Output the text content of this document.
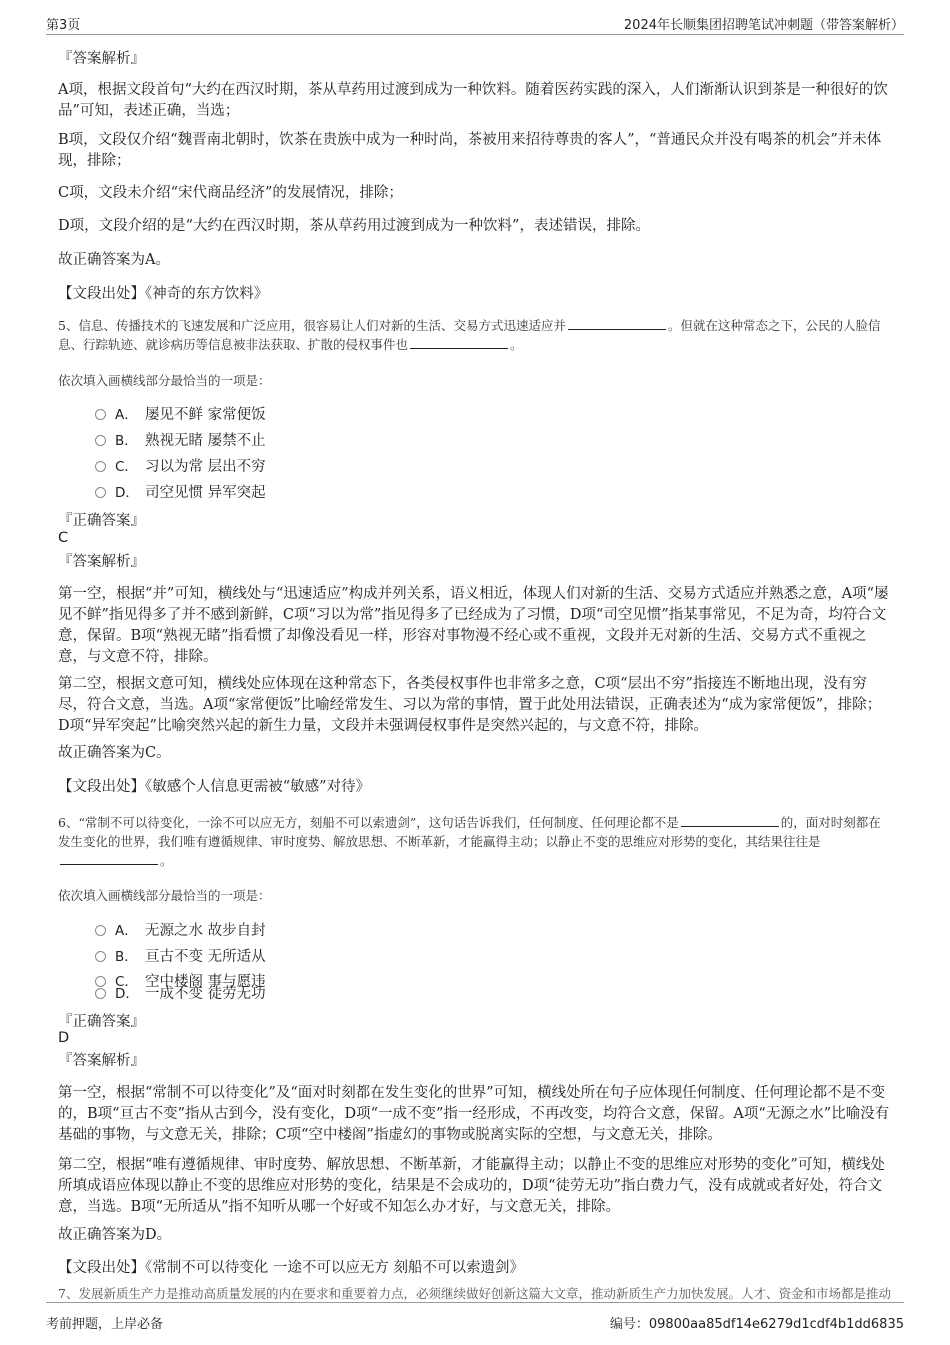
第3页	2024年长顺集团招聘笔试冲刺题（带答案解析）
『答案解析』
A项，根据文段首句“大约在西汉时期，茶从草药用过渡到成为一种饮料。随着医药实践的深入，人们渐渐认识到茶是一种很好的饮品”可知，表述正确，当选；
B项，文段仅介绍“魏晋南北朝时，饮茶在贵族中成为一种时尚，茶被用来招待尊贵的客人”，“普通民众并没有喝茶的机会”并未体现，排除；
C项，文段未介绍“宋代商品经济”的发展情况，排除；
D项，文段介绍的是“大约在西汉时期，茶从草药用过渡到成为一种饮料”，表述错误，排除。
故正确答案为A。
【文段出处】《神奇的东方饮料》
5、信息、传播技术的飞速发展和广泛应用，很容易让人们对新的生活、交易方式迅速适应并	。但就在这种常态之下，公民的人脸信息、行踪轨迹、就诊病历等信息被非法获取、扩散的侵权事件也	。
依次填入画横线部分最恰当的一项是：
A． 屡见不鲜 家常便饭
B． 熟视无睹 屡禁不止
C． 习以为常 层出不穷
D． 司空见惯 异军突起
『正确答案』
C
『答案解析』
第一空，根据“并”可知，横线处与“迅速适应”构成并列关系，语义相近，体现人们对新的生活、交易方式适应并熟悉之意，A项“屡见不鲜”指见得多了并不感到新鲜，C项“习以为常”指见得多了已经成为了习惯，D项“司空见惯”指某事常见，不足为奇，均符合文意，保留。B项“熟视无睹”指看惯了却像没看见一样，形容对事物漫不经心或不重视，文段并无对新的生活、交易方式不重视之意，与文意不符，排除。
第二空，根据文意可知，横线处应体现在这种常态下，各类侵权事件也非常多之意，C项“层出不穷”指接连不断地出现，没有穷尽，符合文意，当选。A项“家常便饭”比喻经常发生、习以为常的事情，置于此处用法错误，正确表述为“成为家常便饭”，排除；D项“异军突起”比喻突然兴起的新生力量，文段并未强调侵权事件是突然兴起的，与文意不符，排除。
故正确答案为C。
【文段出处】《敏感个人信息更需被“敏感”对待》
6、“常制不可以待变化，一涂不可以应无方，刻船不可以索遗剑”，这句话告诉我们，任何制度、任何理论都不是	的，面对时刻都在发生变化的世界，我们唯有遵循规律、审时度势、解放思想、不断革新，才能赢得主动；以静止不变的思维应对形势的变化，其结果往往是。
依次填入画横线部分最恰当的一项是：
A． 无源之水 故步自封
B． 亘古不变 无所适从
C． 空中楼阁 事与愿违
D． 一成不变 徒劳无功
『正确答案』
D
『答案解析』
第一空，根据“常制不可以待变化”及“面对时刻都在发生变化的世界”可知，横线处所在句子应体现任何制度、任何理论都不是不变的，B项“亘古不变”指从古到今，没有变化，D项“一成不变”指一经形成，不再改变，均符合文意，保留。A项“无源之水”比喻没有基础的事物，与文意无关，排除；C项“空中楼阁”指虚幻的事物或脱离实际的空想，与文意无关，排除。
第二空，根据“唯有遵循规律、审时度势、解放思想、不断革新，才能赢得主动；以静止不变的思维应对形势的变化”可知，横线处所填成语应体现以静止不变的思维应对形势的变化，结果是不会成功的，D项“徒劳无功”指白费力气，没有成就或者好处，符合文意，当选。B项“无所适从”指不知听从哪一个好或不知怎么办才好，与文意无关，排除。
故正确答案为D。
【文段出处】《常制不可以待变化 一途不可以应无方 刻船不可以索遗剑》
7、发展新质生产力是推动高质量发展的内在要求和重要着力点，必须继续做好创新这篇大文章，推动新质生产力加快发展。人才、资金和市场都是推动
考前押题，上岸必备	编号：09800aa85df14e6279d1cdf4b1dd6835
